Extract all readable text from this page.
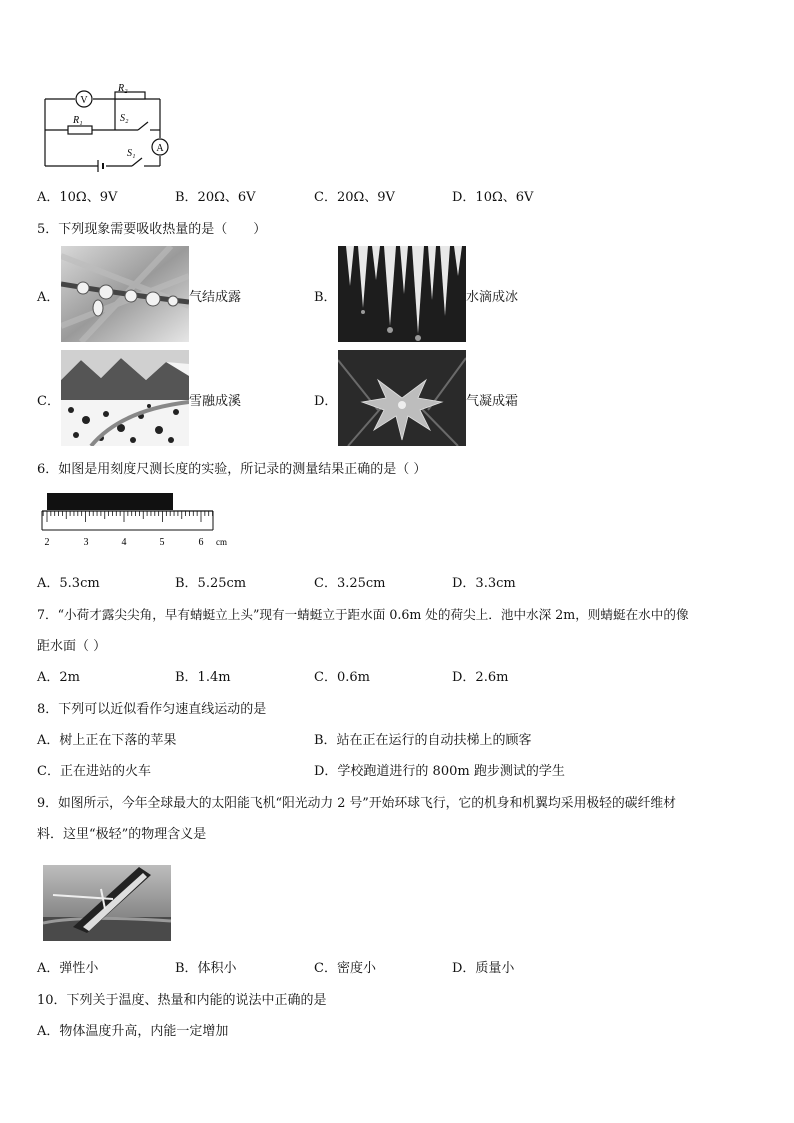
V
A
R₂
R₁	S₂
S₁
A．10Ω、9V	B．20Ω、6V	C．20Ω、9V	D．10Ω、6V
5．下列现象需要吸收热量的是（　　）
A．	气结成露	B．	水滴成冰
C．	雪融成溪	D．	气凝成霜
6．如图是用刻度尺测长度的实验，所记录的测量结果正确的是（ ）
2	3	4	5	6 cm
A．5.3cm	B．5.25cm	C．3.25cm	D．3.3cm
7．“小荷才露尖尖角，早有蜻蜓立上头”现有一蜻蜓立于距水面 0.6m 处的荷尖上．池中水深 2m，则蜻蜓在水中的像
距水面（ ）
A．2m	B．1.4m	C．0.6m	D．2.6m
8．下列可以近似看作匀速直线运动的是
A．树上正在下落的苹果	B．站在正在运行的自动扶梯上的顾客
C．正在进站的火车	D．学校跑道进行的 800m 跑步测试的学生
9．如图所示，今年全球最大的太阳能飞机“阳光动力 2 号”开始环球飞行，它的机身和机翼均采用极轻的碳纤维材
料．这里“极轻”的物理含义是
A．弹性小	B．体积小	C．密度小	D．质量小
10．下列关于温度、热量和内能的说法中正确的是
A．物体温度升高，内能一定增加
